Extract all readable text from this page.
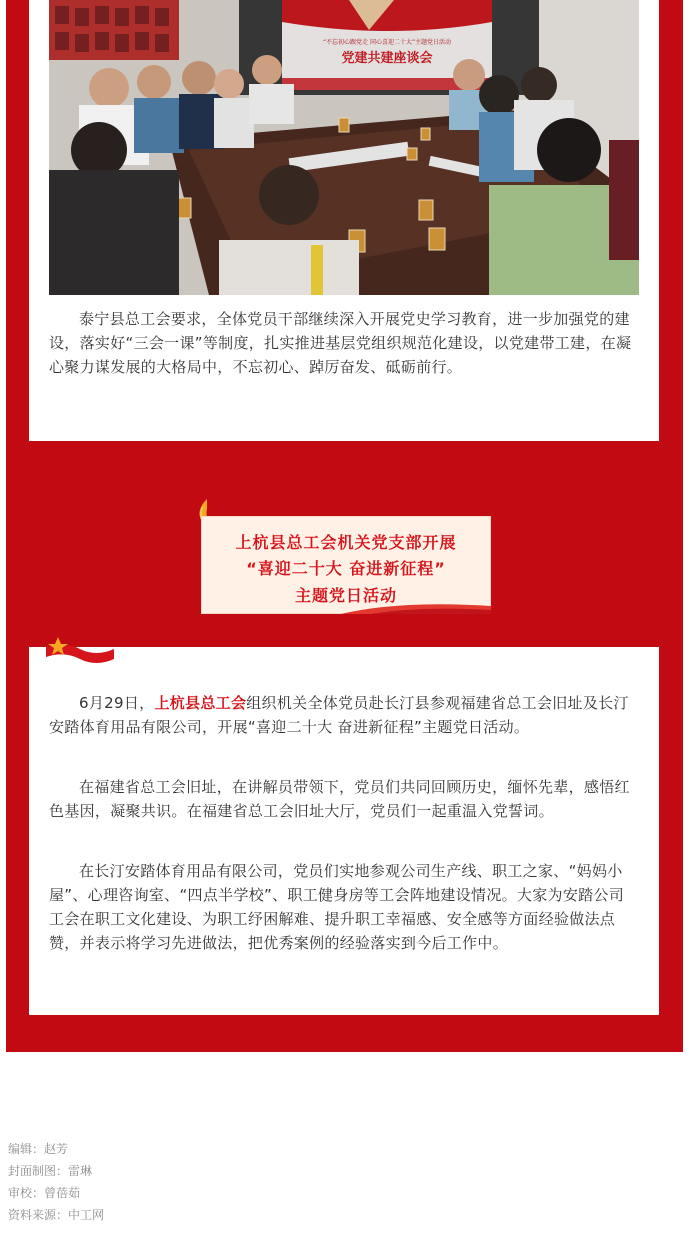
“不忘初心跟党走 同心喜迎二十大”主题党日活动
党建共建座谈会

泰宁县总工会要求，全体党员干部继续深入开展党史学习教育，进一步加强党的建设，落实好“三会一课”等制度，扎实推进基层党组织规范化建设，以党建带工建，在凝心聚力谋发展的大格局中，不忘初心、踔厉奋发、砥砺前行。

上杭县总工会机关党支部开展
“喜迎二十大 奋进新征程”
主题党日活动

6月29日，上杭县总工会组织机关全体党员赴长汀县参观福建省总工会旧址及长汀安踏体育用品有限公司，开展“喜迎二十大 奋进新征程”主题党日活动。

在福建省总工会旧址，在讲解员带领下，党员们共同回顾历史，缅怀先辈，感悟红色基因，凝聚共识。在福建省总工会旧址大厅，党员们一起重温入党誓词。

在长汀安踏体育用品有限公司，党员们实地参观公司生产线、职工之家、“妈妈小屋”、心理咨询室、“四点半学校”、职工健身房等工会阵地建设情况。大家为安踏公司工会在职工文化建设、为职工纾困解难、提升职工幸福感、安全感等方面经验做法点赞，并表示将学习先进做法，把优秀案例的经验落实到今后工作中。

编辑：赵芳
封面制图：雷琳
审校：曾蓓茹
资料来源：中工网
